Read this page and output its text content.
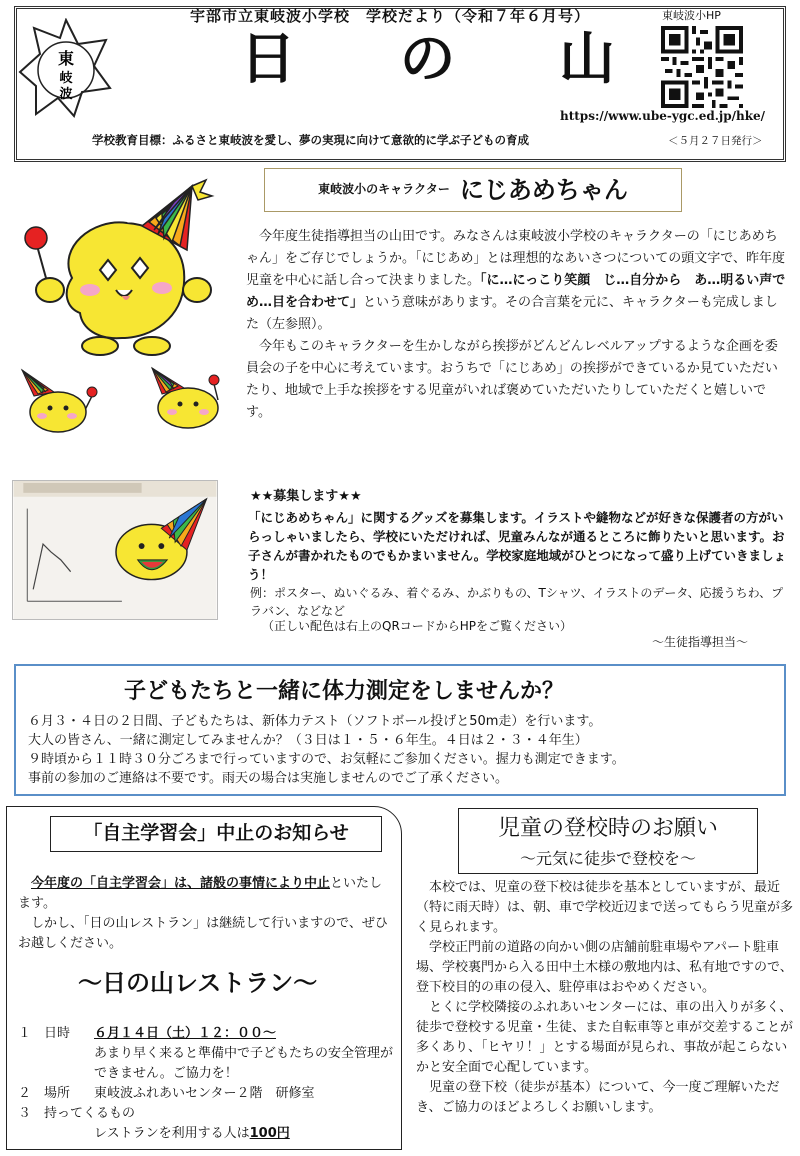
東
岐
波
宇部市立東岐波小学校　学校だより（令和７年６月号）
日 の 山
東岐波小HP
https://www.ube-ygc.ed.jp/hke/
学校教育目標：ふるさと東岐波を愛し、夢の実現に向けて意欲的に学ぶ子どもの育成	＜５月２７日発行＞
東岐波小のキャラクター にじあめちゃん

今年度生徒指導担当の山田です。みなさんは東岐波小学校のキャラクターの「にじあめちゃん」をご存じでしょうか。「にじあめ」とは理想的なあいさつについての頭文字で、昨年度児童を中心に話し合って決まりました。「に…にっこり笑顔　じ…自分から　あ…明るい声で　め…目を合わせて」という意味があります。その合言葉を元に、キャラクターも完成しました（左参照）。

今年もこのキャラクターを生かしながら挨拶がどんどんレベルアップするような企画を委員会の子を中心に考えています。おうちで「にじあめ」の挨拶ができているか見ていただいたり、地域で上手な挨拶をする児童がいれば褒めていただいたりしていただくと嬉しいです。

★★募集します★★
「にじあめちゃん」に関するグッズを募集します。イラストや縫物などが好きな保護者の方がいらっしゃいましたら、学校にいただければ、児童みんなが通るところに飾りたいと思います。お子さんが書かれたものでもかまいません。学校家庭地域がひとつになって盛り上げていきましょう！
例：ポスター、ぬいぐるみ、着ぐるみ、かぶりもの、Tシャツ、イラストのデータ、応援うちわ、プラバン、などなど
（正しい配色は右上のQRコードからHPをご覧ください）
～生徒指導担当～
子どもたちと一緒に体力測定をしませんか？
６月３・４日の２日間、子どもたちは、新体力テスト（ソフトボール投げと50m走）を行います。
大人の皆さん、一緒に測定してみませんか？（３日は１・５・６年生。４日は２・３・４年生）
９時頃から１１時３０分ごろまで行っていますので、お気軽にご参加ください。握力も測定できます。
事前の参加のご連絡は不要です。雨天の場合は実施しませんのでご了承ください。
「自主学習会」中止のお知らせ

今年度の「自主学習会」は、諸般の事情により中止といたします。

しかし、「日の山レストラン」は継続して行いますので、ぜひお越しください。

～日の山レストラン～
１ 日時	６月１４日（土）１２：００～
あまり早く来ると準備中で子どもたちの安全管理ができません。ご協力を！
２ 場所	東岐波ふれあいセンター２階　研修室
３ 持ってくるもの
レストランを利用する人は100円
児童の登校時のお願い
～元気に徒歩で登校を～

本校では、児童の登下校は徒歩を基本としていますが、最近（特に雨天時）は、朝、車で学校近辺まで送ってもらう児童が多く見られます。

学校正門前の道路の向かい側の店舗前駐車場やアパート駐車場、学校裏門から入る田中土木様の敷地内は、私有地ですので、登下校目的の車の侵入、駐停車はおやめください。

とくに学校隣接のふれあいセンターには、車の出入りが多く、徒歩で登校する児童・生徒、また自転車等と車が交差することが多くあり、「ヒヤリ！」とする場面が見られ、事故が起こらないかと安全面で心配しています。

児童の登下校（徒歩が基本）について、今一度ご理解いただき、ご協力のほどよろしくお願いします。
